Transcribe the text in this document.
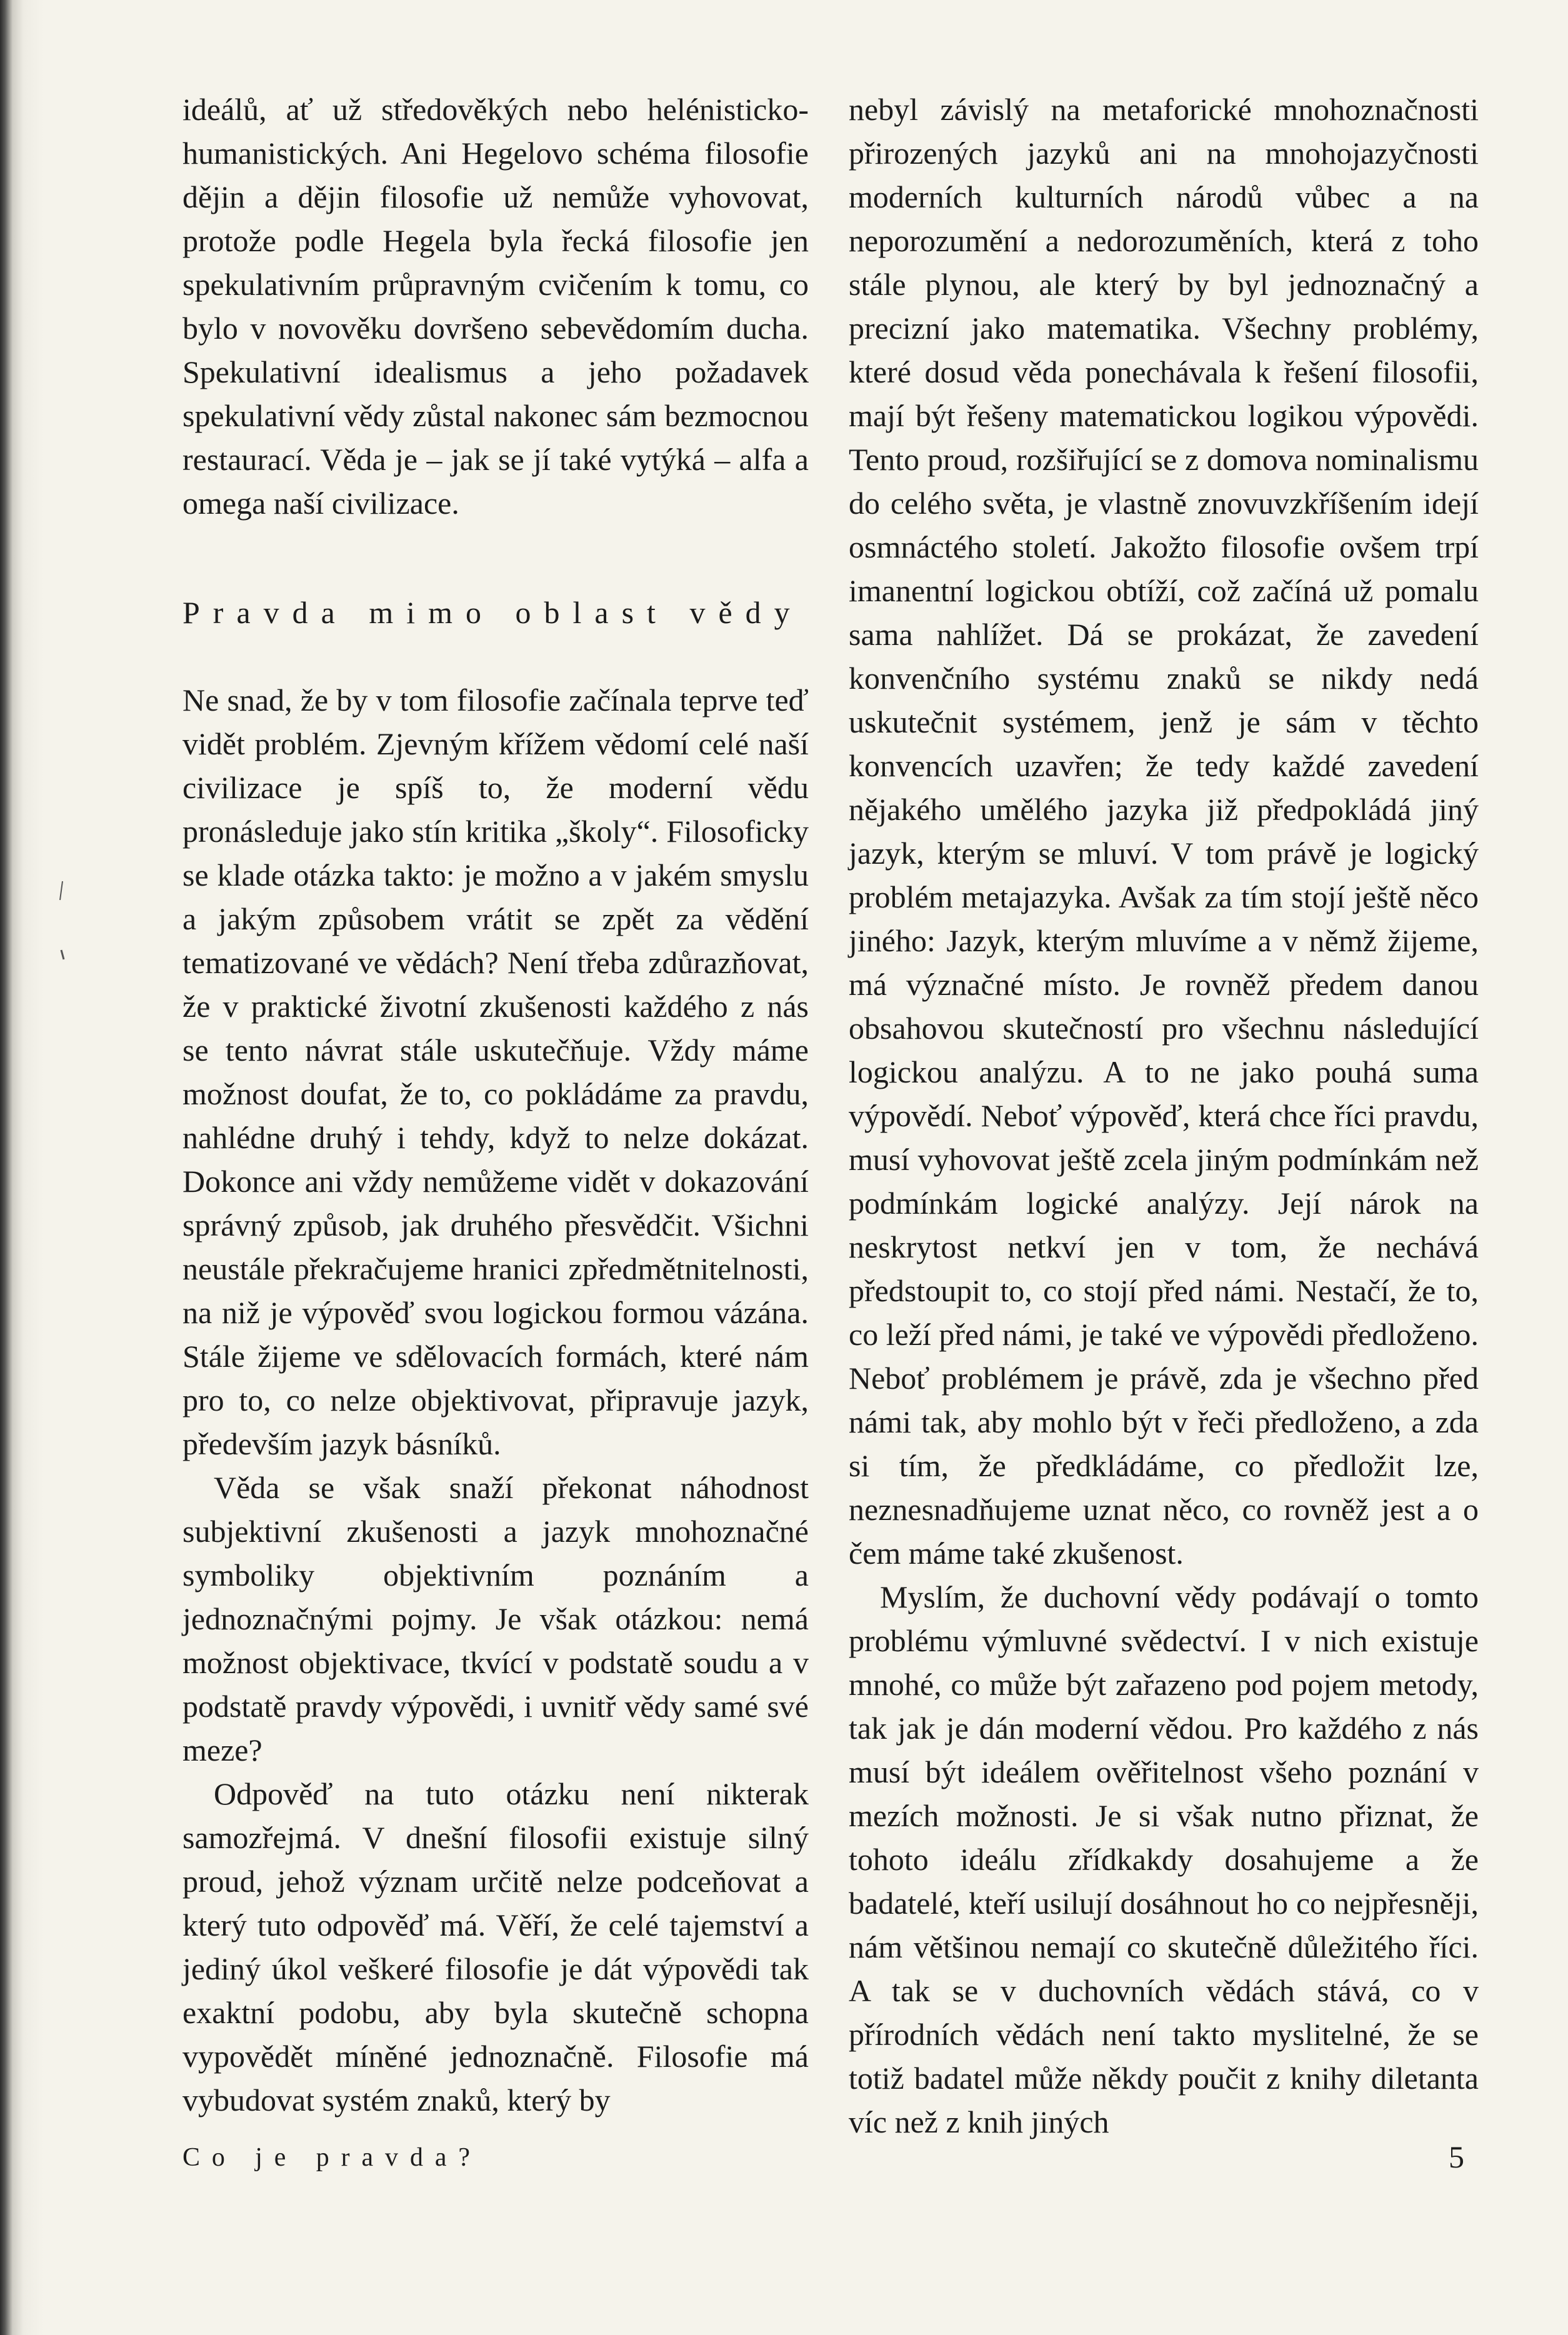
ideálů, ať už středověkých nebo helénisticko-humanistických. Ani Hegelovo schéma filosofie dějin a dějin filosofie už nemůže vyhovovat, protože podle Hegela byla řecká filosofie jen spekulativním průpravným cvičením k tomu, co bylo v novověku dovršeno sebevědomím ducha. Spekulativní idealismus a jeho požadavek spekulativní vědy zůstal nakonec sám bezmocnou restaurací. Věda je – jak se jí také vytýká – alfa a omega naší civilizace.

Pravda mimo oblast vědy

Ne snad, že by v tom filosofie začínala teprve teď vidět problém. Zjevným křížem vědomí celé naší civilizace je spíš to, že moderní vědu pronásleduje jako stín kritika „školy“. Filosoficky se klade otázka takto: je možno a v jakém smyslu a jakým způsobem vrátit se zpět za vědění tematizované ve vědách? Není třeba zdůrazňovat, že v praktické životní zkušenosti každého z nás se tento návrat stále uskutečňuje. Vždy máme možnost doufat, že to, co pokládáme za pravdu, nahlédne druhý i tehdy, když to nelze dokázat. Dokonce ani vždy nemůžeme vidět v dokazování správný způsob, jak druhého přesvědčit. Všichni neustále překračujeme hranici zpředmětnitelnosti, na niž je výpověď svou logickou formou vázána. Stále žijeme ve sdělovacích formách, které nám pro to, co nelze objektivovat, připravuje jazyk, především jazyk básníků.

Věda se však snaží překonat náhodnost subjektivní zkušenosti a jazyk mnohoznačné symboliky objektivním poznáním a jednoznačnými pojmy. Je však otázkou: nemá možnost objektivace, tkvící v podstatě soudu a v podstatě pravdy výpovědi, i uvnitř vědy samé své meze?

Odpověď na tuto otázku není nikterak samozřejmá. V dnešní filosofii existuje silný proud, jehož význam určitě nelze podceňovat a který tuto odpověď má. Věří, že celé tajemství a jediný úkol veškeré filosofie je dát výpovědi tak exaktní podobu, aby byla skutečně schopna vypovědět míněné jednoznačně. Filosofie má vybudovat systém znaků, který by

nebyl závislý na metaforické mnohoznačnosti přirozených jazyků ani na mnohojazyčnosti moderních kulturních národů vůbec a na neporozumění a nedorozuměních, která z toho stále plynou, ale který by byl jednoznačný a precizní jako matematika. Všechny problémy, které dosud věda ponechávala k řešení filosofii, mají být řešeny matematickou logikou výpovědi. Tento proud, rozšiřující se z domova nominalismu do celého světa, je vlastně znovuvzkříšením idejí osmnáctého století. Jakožto filosofie ovšem trpí imanentní logickou obtíží, což začíná už pomalu sama nahlížet. Dá se prokázat, že zavedení konvenčního systému znaků se nikdy nedá uskutečnit systémem, jenž je sám v těchto konvencích uzavřen; že tedy každé zavedení nějakého umělého jazyka již předpokládá jiný jazyk, kterým se mluví. V tom právě je logický problém metajazyka. Avšak za tím stojí ještě něco jiného: Jazyk, kterým mluvíme a v němž žijeme, má význačné místo. Je rovněž předem danou obsahovou skutečností pro všechnu následující logickou analýzu. A to ne jako pouhá suma výpovědí. Neboť výpověď, která chce říci pravdu, musí vyhovovat ještě zcela jiným podmínkám než podmínkám logické analýzy. Její nárok na neskrytost netkví jen v tom, že nechává předstoupit to, co stojí před námi. Nestačí, že to, co leží před námi, je také ve výpovědi předloženo. Neboť problémem je právě, zda je všechno před námi tak, aby mohlo být v řeči předloženo, a zda si tím, že předkládáme, co předložit lze, neznesnadňujeme uznat něco, co rovněž jest a o čem máme také zkušenost.

Myslím, že duchovní vědy podávají o tomto problému výmluvné svědectví. I v nich existuje mnohé, co může být zařazeno pod pojem metody, tak jak je dán moderní vědou. Pro každého z nás musí být ideálem ověřitelnost všeho poznání v mezích možnosti. Je si však nutno přiznat, že tohoto ideálu zřídkakdy dosahujeme a že badatelé, kteří usilují dosáhnout ho co nejpřesněji, nám většinou nemají co skutečně důležitého říci. A tak se v duchovních vědách stává, co v přírodních vědách není takto myslitelné, že se totiž badatel může někdy poučit z knihy diletanta víc než z knih jiných

Co je pravda?	5
